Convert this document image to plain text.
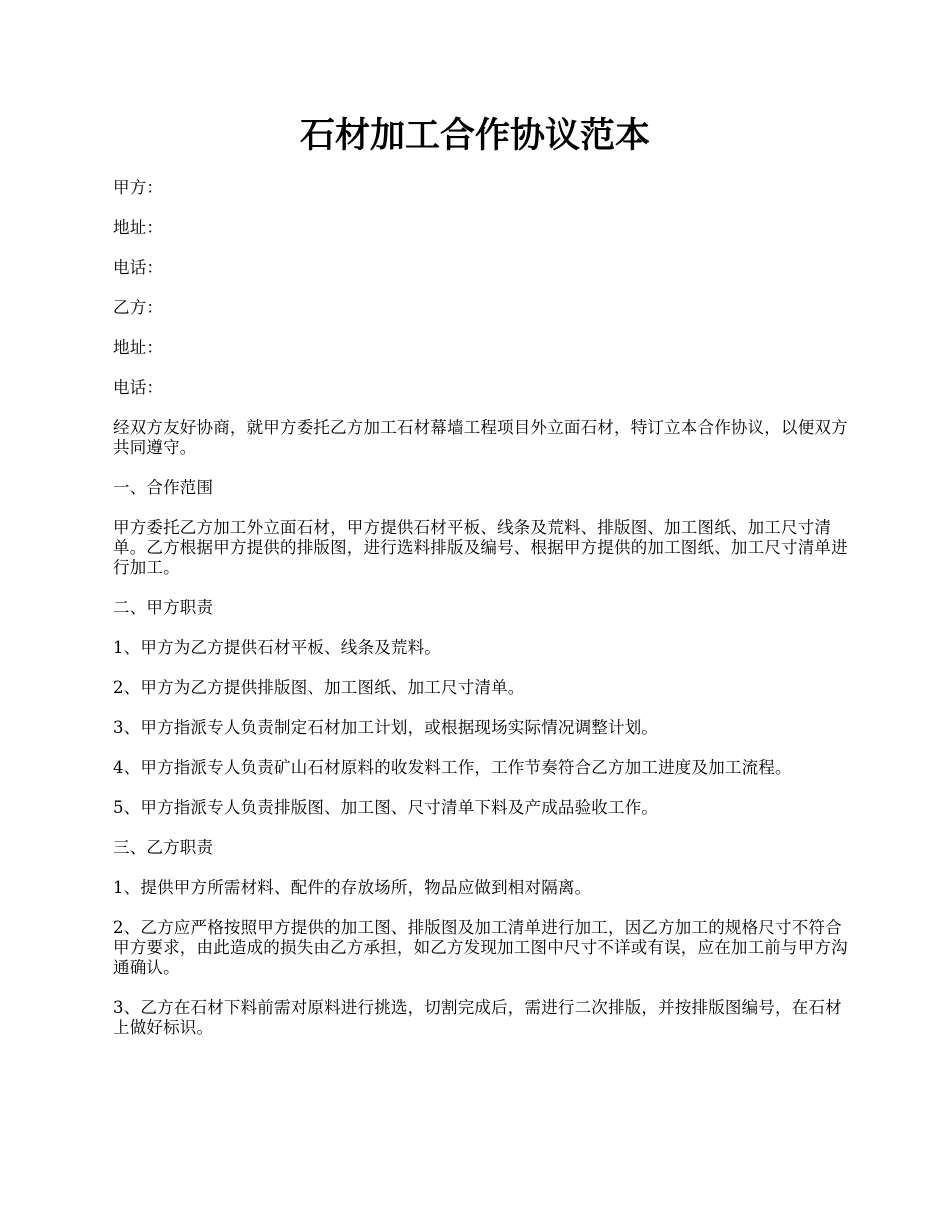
石材加工合作协议范本

甲方：

地址：

电话：

乙方：

地址：

电话：

经双方友好协商，就甲方委托乙方加工石材幕墙工程项目外立面石材，特订立本合作协议，以便双方共同遵守。

一、合作范围

甲方委托乙方加工外立面石材，甲方提供石材平板、线条及荒料、排版图、加工图纸、加工尺寸清单。乙方根据甲方提供的排版图，进行选料排版及编号、根据甲方提供的加工图纸、加工尺寸清单进行加工。

二、甲方职责

1、甲方为乙方提供石材平板、线条及荒料。

2、甲方为乙方提供排版图、加工图纸、加工尺寸清单。

3、甲方指派专人负责制定石材加工计划，或根据现场实际情况调整计划。

4、甲方指派专人负责矿山石材原料的收发料工作，工作节奏符合乙方加工进度及加工流程。

5、甲方指派专人负责排版图、加工图、尺寸清单下料及产成品验收工作。

三、乙方职责

1、提供甲方所需材料、配件的存放场所，物品应做到相对隔离。

2、乙方应严格按照甲方提供的加工图、排版图及加工清单进行加工，因乙方加工的规格尺寸不符合甲方要求，由此造成的损失由乙方承担，如乙方发现加工图中尺寸不详或有误，应在加工前与甲方沟通确认。

3、乙方在石材下料前需对原料进行挑选，切割完成后，需进行二次排版，并按排版图编号，在石材上做好标识。
